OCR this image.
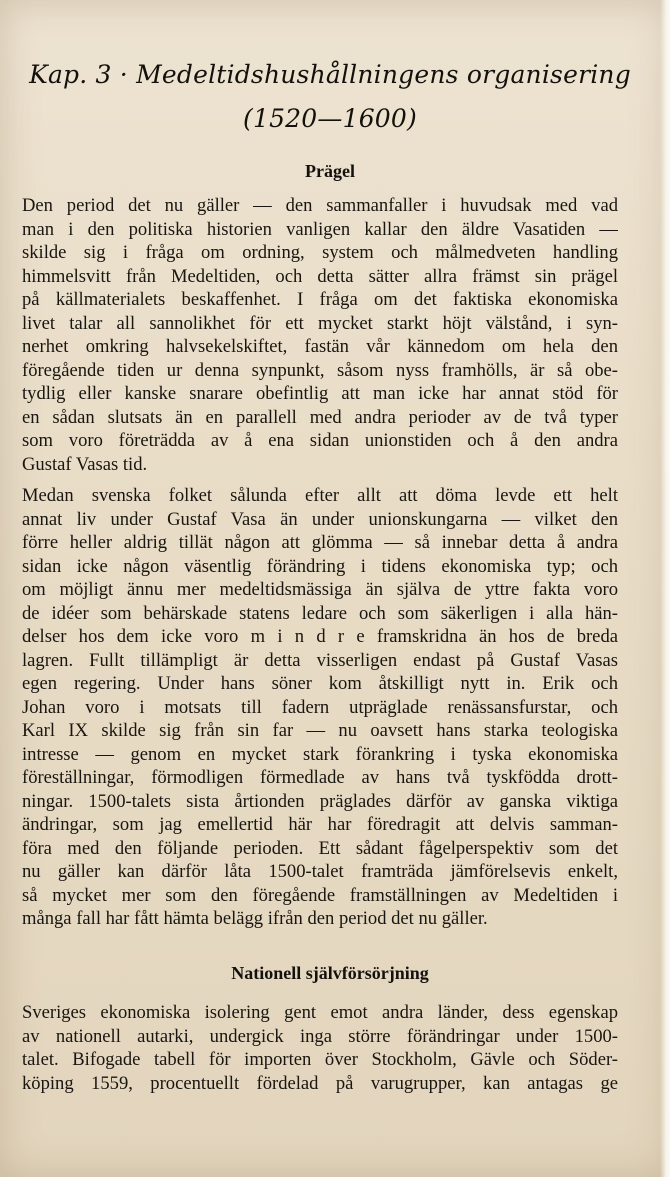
Kap. 3 · Medeltidshushållningens organisering
(1520—1600)
Prägel

Den period det nu gäller — den sammanfaller i huvudsak med vad
man i den politiska historien vanligen kallar den äldre Vasatiden —
skilde sig i fråga om ordning, system och målmedveten handling
himmelsvitt från Medeltiden, och detta sätter allra främst sin prägel
på källmaterialets beskaffenhet. I fråga om det faktiska ekonomiska
livet talar all sannolikhet för ett mycket starkt höjt välstånd, i syn-
nerhet omkring halvsekelskiftet, fastän vår kännedom om hela den
föregående tiden ur denna synpunkt, såsom nyss framhölls, är så obe-
tydlig eller kanske snarare obefintlig att man icke har annat stöd för
en sådan slutsats än en parallell med andra perioder av de två typer
som voro företrädda av å ena sidan unionstiden och å den andra
Gustaf Vasas tid.

Medan svenska folket sålunda efter allt att döma levde ett helt
annat liv under Gustaf Vasa än under unionskungarna — vilket den
förre heller aldrig tillät någon att glömma — så innebar detta å andra
sidan icke någon väsentlig förändring i tidens ekonomiska typ; och
om möjligt ännu mer medeltidsmässiga än själva de yttre fakta voro
de idéer som behärskade statens ledare och som säkerligen i alla hän-
delser hos dem icke voro m i n d r e framskridna än hos de breda
lagren. Fullt tillämpligt är detta visserligen endast på Gustaf Vasas
egen regering. Under hans söner kom åtskilligt nytt in. Erik och
Johan voro i motsats till fadern utpräglade renässansfurstar, och
Karl IX skilde sig från sin far — nu oavsett hans starka teologiska
intresse — genom en mycket stark förankring i tyska ekonomiska
föreställningar, förmodligen förmedlade av hans två tyskfödda drott-
ningar. 1500-talets sista årtionden präglades därför av ganska viktiga
ändringar, som jag emellertid här har föredragit att delvis samman-
föra med den följande perioden. Ett sådant fågelperspektiv som det
nu gäller kan därför låta 1500-talet framträda jämförelsevis enkelt,
så mycket mer som den föregående framställningen av Medeltiden i
många fall har fått hämta belägg ifrån den period det nu gäller.

Nationell självförsörjning

Sveriges ekonomiska isolering gent emot andra länder, dess egenskap
av nationell autarki, undergick inga större förändringar under 1500-
talet. Bifogade tabell för importen över Stockholm, Gävle och Söder-
köping 1559, procentuellt fördelad på varugrupper, kan antagas ge
